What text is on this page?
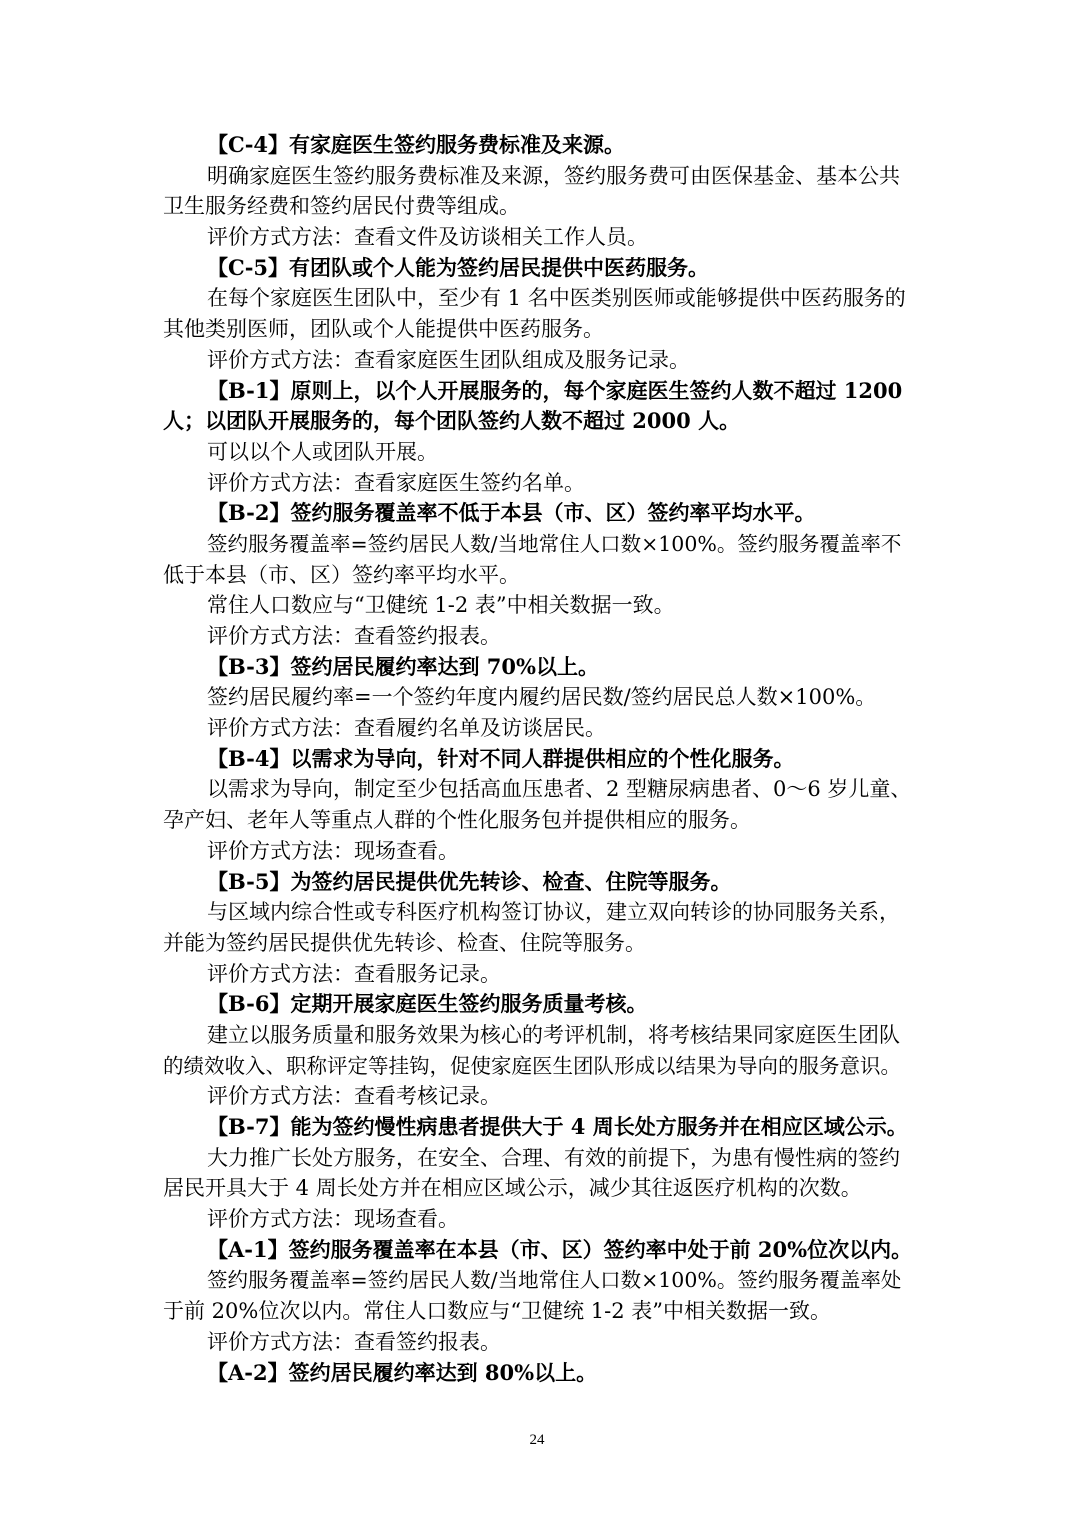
【C-4】有家庭医生签约服务费标准及来源。
明确家庭医生签约服务费标准及来源，签约服务费可由医保基金、基本公共
卫生服务经费和签约居民付费等组成。
评价方式方法：查看文件及访谈相关工作人员。
【C-5】有团队或个人能为签约居民提供中医药服务。
在每个家庭医生团队中，至少有 1 名中医类别医师或能够提供中医药服务的
其他类别医师，团队或个人能提供中医药服务。
评价方式方法：查看家庭医生团队组成及服务记录。
【B-1】原则上，以个人开展服务的，每个家庭医生签约人数不超过 1200
人；以团队开展服务的，每个团队签约人数不超过 2000 人。
可以以个人或团队开展。
评价方式方法：查看家庭医生签约名单。
【B-2】签约服务覆盖率不低于本县（市、区）签约率平均水平。
签约服务覆盖率=签约居民人数/当地常住人口数×100%。签约服务覆盖率不
低于本县（市、区）签约率平均水平。
常住人口数应与“卫健统 1-2 表”中相关数据一致。
评价方式方法：查看签约报表。
【B-3】签约居民履约率达到 70%以上。
签约居民履约率=一个签约年度内履约居民数/签约居民总人数×100%。
评价方式方法：查看履约名单及访谈居民。
【B-4】以需求为导向，针对不同人群提供相应的个性化服务。
以需求为导向，制定至少包括高血压患者、2 型糖尿病患者、0～6 岁儿童、
孕产妇、老年人等重点人群的个性化服务包并提供相应的服务。
评价方式方法：现场查看。
【B-5】为签约居民提供优先转诊、检查、住院等服务。
与区域内综合性或专科医疗机构签订协议，建立双向转诊的协同服务关系，
并能为签约居民提供优先转诊、检查、住院等服务。
评价方式方法：查看服务记录。
【B-6】定期开展家庭医生签约服务质量考核。
建立以服务质量和服务效果为核心的考评机制，将考核结果同家庭医生团队
的绩效收入、职称评定等挂钩，促使家庭医生团队形成以结果为导向的服务意识。
评价方式方法：查看考核记录。
【B-7】能为签约慢性病患者提供大于 4 周长处方服务并在相应区域公示。
大力推广长处方服务，在安全、合理、有效的前提下，为患有慢性病的签约
居民开具大于 4 周长处方并在相应区域公示，减少其往返医疗机构的次数。
评价方式方法：现场查看。
【A-1】签约服务覆盖率在本县（市、区）签约率中处于前 20%位次以内。
签约服务覆盖率=签约居民人数/当地常住人口数×100%。签约服务覆盖率处
于前 20%位次以内。常住人口数应与“卫健统 1-2 表”中相关数据一致。
评价方式方法：查看签约报表。
【A-2】签约居民履约率达到 80%以上。
24
